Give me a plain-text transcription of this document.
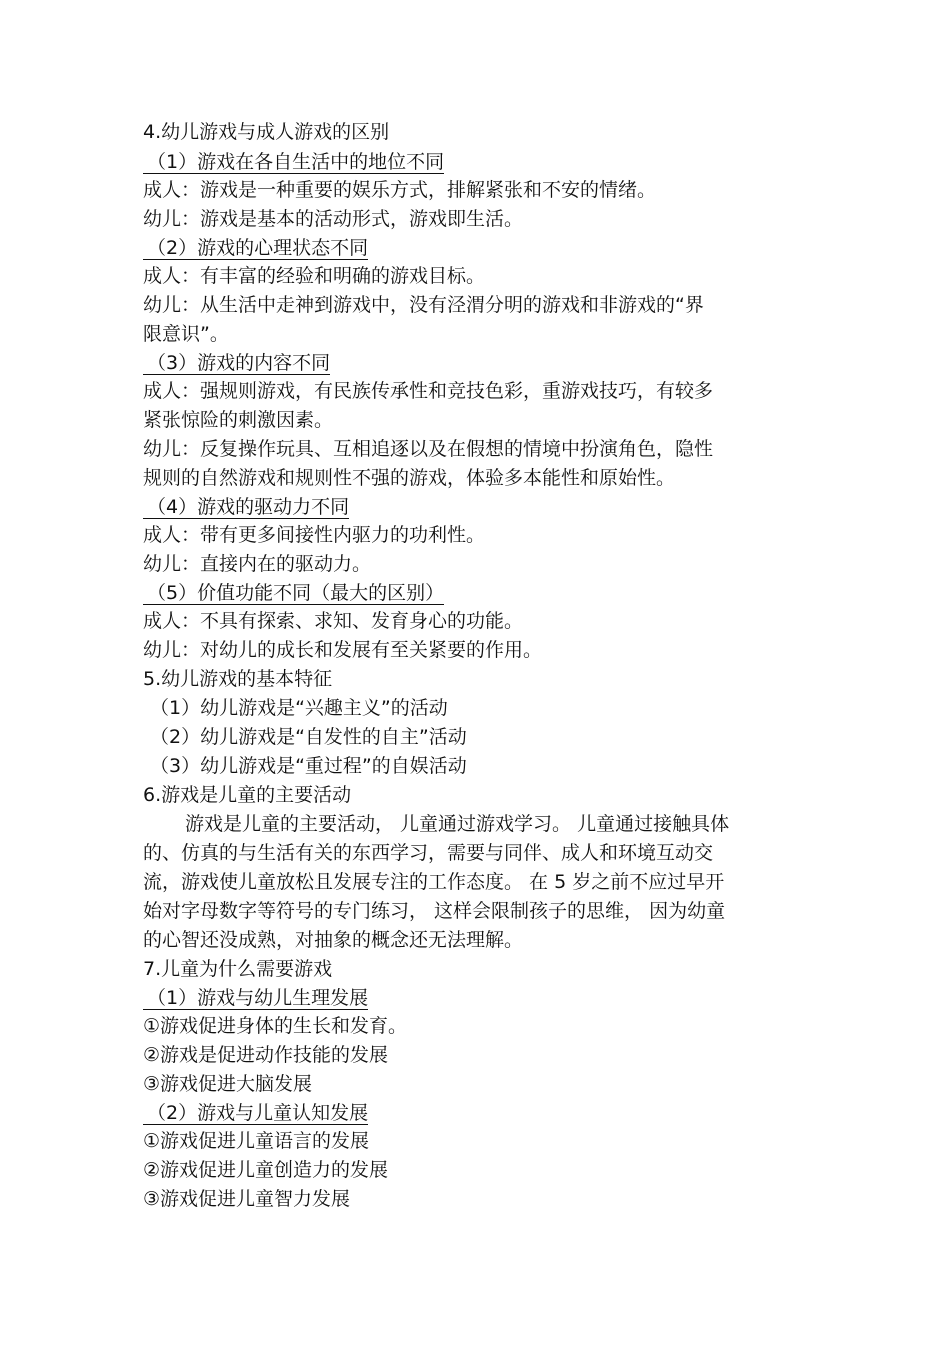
4.幼儿游戏与成人游戏的区别
（1）游戏在各自生活中的地位不同
成人：游戏是一种重要的娱乐方式，排解紧张和不安的情绪。
幼儿：游戏是基本的活动形式，游戏即生活。
（2）游戏的心理状态不同
成人：有丰富的经验和明确的游戏目标。
幼儿：从生活中走神到游戏中，没有泾渭分明的游戏和非游戏的“界
限意识”。
（3）游戏的内容不同
成人：强规则游戏，有民族传承性和竞技色彩，重游戏技巧，有较多
紧张惊险的刺激因素。
幼儿：反复操作玩具、互相追逐以及在假想的情境中扮演角色，隐性
规则的自然游戏和规则性不强的游戏，体验多本能性和原始性。
（4）游戏的驱动力不同
成人：带有更多间接性内驱力的功利性。
幼儿：直接内在的驱动力。
（5）价值功能不同（最大的区别）
成人：不具有探索、求知、发育身心的功能。
幼儿：对幼儿的成长和发展有至关紧要的作用。
5.幼儿游戏的基本特征
（1）幼儿游戏是“兴趣主义”的活动
（2）幼儿游戏是“自发性的自主”活动
（3）幼儿游戏是“重过程”的自娱活动
6.游戏是儿童的主要活动
游戏是儿童的主要活动， 儿童通过游戏学习。 儿童通过接触具体
的、仿真的与生活有关的东西学习，需要与同伴、成人和环境互动交
流，游戏使儿童放松且发展专注的工作态度。 在 5 岁之前不应过早开
始对字母数字等符号的专门练习， 这样会限制孩子的思维， 因为幼童
的心智还没成熟，对抽象的概念还无法理解。
7.儿童为什么需要游戏
（1）游戏与幼儿生理发展
①游戏促进身体的生长和发育。
②游戏是促进动作技能的发展
③游戏促进大脑发展
（2）游戏与儿童认知发展
①游戏促进儿童语言的发展
②游戏促进儿童创造力的发展
③游戏促进儿童智力发展
